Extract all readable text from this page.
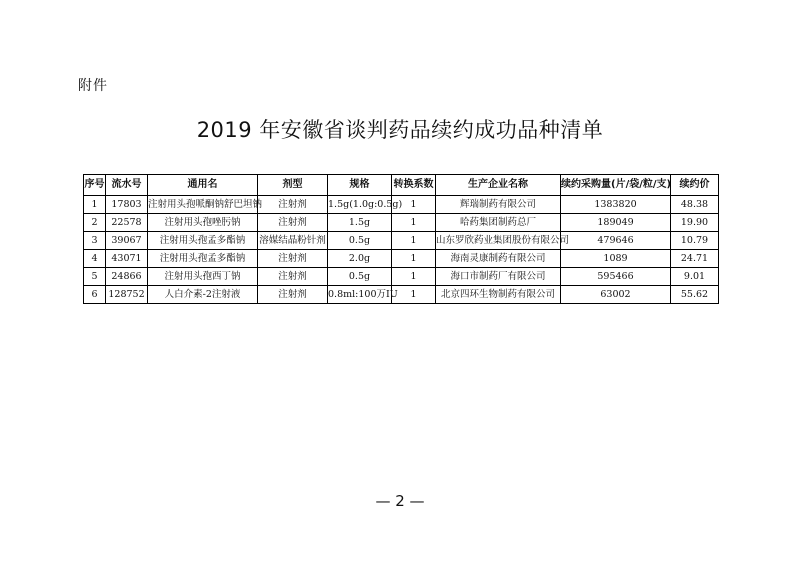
附件
2019 年安徽省谈判药品续约成功品种清单
序号	流水号	通用名	剂型	规格	转换系数	生产企业名称	续约采购量(片/袋/粒/支)	续约价
1	17803	注射用头孢哌酮钠舒巴坦钠	注射剂	1.5g(1.0g:0.5g)	1	辉瑞制药有限公司	1383820	48.38
2	22578	注射用头孢唑肟钠	注射剂	1.5g	1	哈药集团制药总厂	189049	19.90
3	39067	注射用头孢孟多酯钠	溶媒结晶粉针剂	0.5g	1	山东罗欣药业集团股份有限公司	479646	10.79
4	43071	注射用头孢孟多酯钠	注射剂	2.0g	1	海南灵康制药有限公司	1089	24.71
5	24866	注射用头孢西丁钠	注射剂	0.5g	1	海口市制药厂有限公司	595466	9.01
6	128752	人白介素-2注射液	注射剂	0.8ml:100万IU	1	北京四环生物制药有限公司	63002	55.62
— 2 —
